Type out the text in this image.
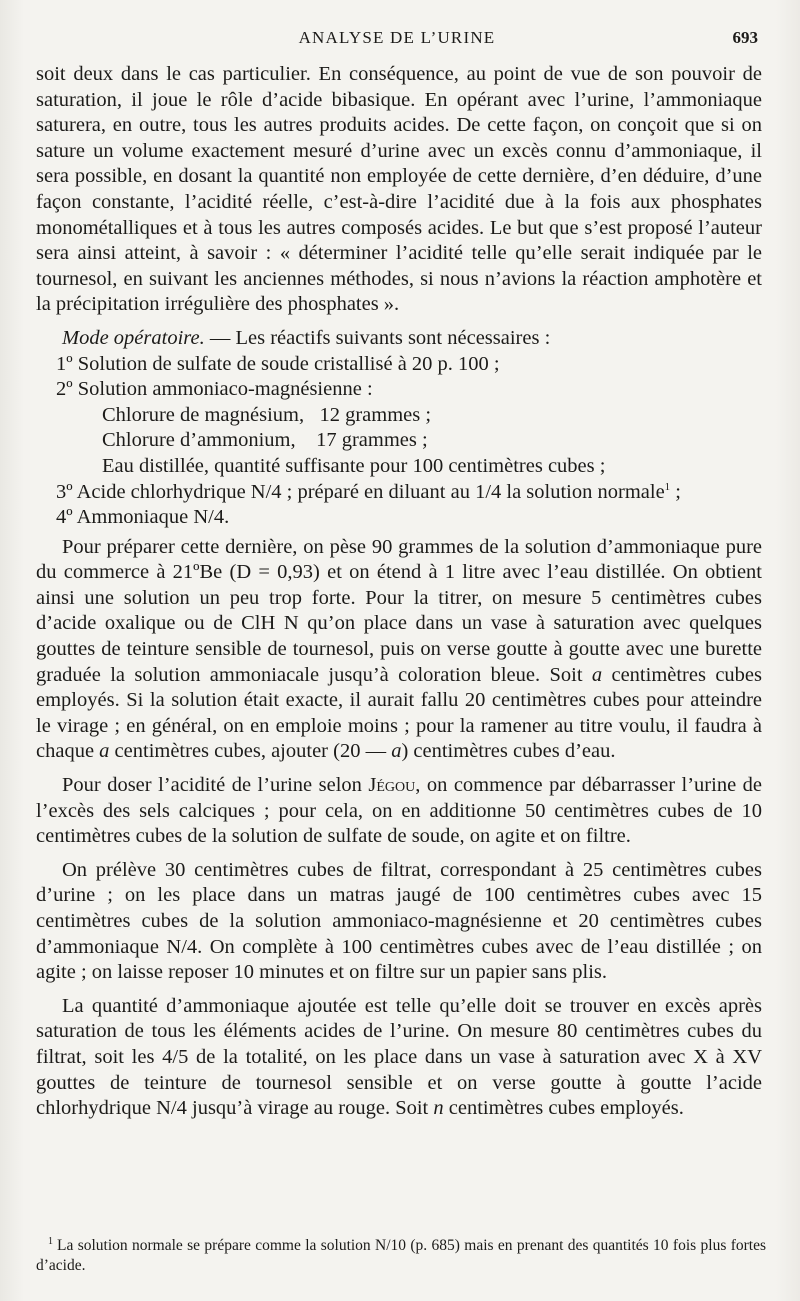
ANALYSE DE L’URINE	693

soit deux dans le cas particulier. En conséquence, au point de vue de son pouvoir de saturation, il joue le rôle d’acide bibasique. En opérant avec l’urine, l’ammoniaque saturera, en outre, tous les autres produits acides. De cette façon, on conçoit que si on sature un volume exactement mesuré d’urine avec un excès connu d’ammoniaque, il sera possible, en dosant la quantité non employée de cette dernière, d’en déduire, d’une façon constante, l’acidité réelle, c’est-à-dire l’acidité due à la fois aux phosphates monométalliques et à tous les autres composés acides. Le but que s’est proposé l’auteur sera ainsi atteint, à savoir : « déterminer l’acidité telle qu’elle serait indiquée par le tournesol, en suivant les anciennes méthodes, si nous n’avions la réaction amphotère et la précipitation irrégulière des phosphates ».

Mode opératoire. — Les réactifs suivants sont nécessaires :

1º Solution de sulfate de soude cristallisé à 20 p. 100 ;
2º Solution ammoniaco-magnésienne :
Chlorure de magnésium,   12 grammes ;
Chlorure d’ammonium,    17 grammes ;
Eau distillée, quantité suffisante pour 100 centimètres cubes ;
3º Acide chlorhydrique N/4 ; préparé en diluant au 1/4 la solution normale$^1$ ;
4º Ammoniaque N/4.

Pour préparer cette dernière, on pèse 90 grammes de la solution d’ammoniaque pure du commerce à 21ºBe (D = 0,93) et on étend à 1 litre avec l’eau distillée. On obtient ainsi une solution un peu trop forte. Pour la titrer, on mesure 5 centimètres cubes d’acide oxalique ou de ClH N qu’on place dans un vase à saturation avec quelques gouttes de teinture sensible de tournesol, puis on verse goutte à goutte avec une burette graduée la solution ammoniacale jusqu’à coloration bleue. Soit a centimètres cubes employés. Si la solution était exacte, il aurait fallu 20 centimètres cubes pour atteindre le virage ; en général, on en emploie moins ; pour la ramener au titre voulu, il faudra à chaque a centimètres cubes, ajouter (20 — a) centimètres cubes d’eau.

Pour doser l’acidité de l’urine selon Jégou, on commence par débarrasser l’urine de l’excès des sels calciques ; pour cela, on en additionne 50 centimètres cubes de 10 centimètres cubes de la solution de sulfate de soude, on agite et on filtre.

On prélève 30 centimètres cubes de filtrat, correspondant à 25 centimètres cubes d’urine ; on les place dans un matras jaugé de 100 centimètres cubes avec 15 centimètres cubes de la solution ammoniaco-magnésienne et 20 centimètres cubes d’ammoniaque N/4. On complète à 100 centimètres cubes avec de l’eau distillée ; on agite ; on laisse reposer 10 minutes et on filtre sur un papier sans plis.

La quantité d’ammoniaque ajoutée est telle qu’elle doit se trouver en excès après saturation de tous les éléments acides de l’urine. On mesure 80 centimètres cubes du filtrat, soit les 4/5 de la totalité, on les place dans un vase à saturation avec X à XV gouttes de teinture de tournesol sensible et on verse goutte à goutte l’acide chlorhydrique N/4 jusqu’à virage au rouge. Soit n centimètres cubes employés.

$^1$ La solution normale se prépare comme la solution N/10 (p. 685) mais en prenant des quantités 10 fois plus fortes d’acide.
